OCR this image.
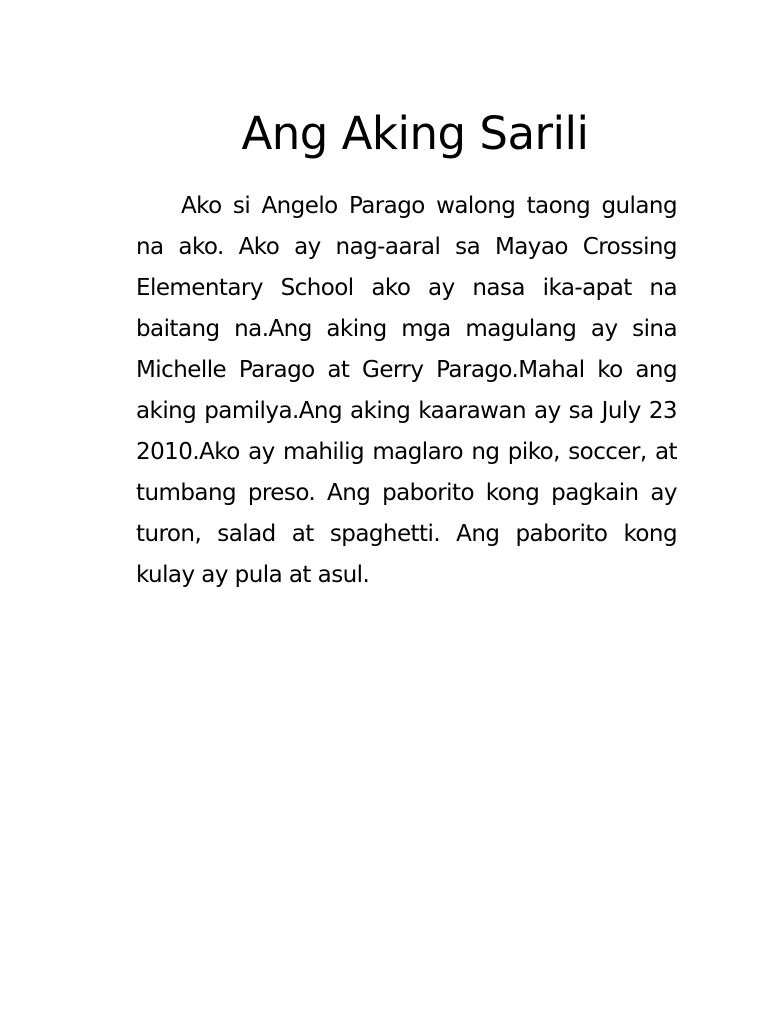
Ang Aking Sarili

Ako si Angelo Parago walong taong gulang na ako. Ako ay nag-aaral sa Mayao Crossing Elementary School ako ay nasa ika-apat na baitang na.Ang aking mga magulang ay sina Michelle Parago at Gerry Parago.Mahal ko ang aking pamilya.Ang aking kaarawan ay sa July 23 2010.Ako ay mahilig maglaro ng piko, soccer, at tumbang preso. Ang paborito kong pagkain ay turon, salad at spaghetti. Ang paborito kong kulay ay pula at asul.
